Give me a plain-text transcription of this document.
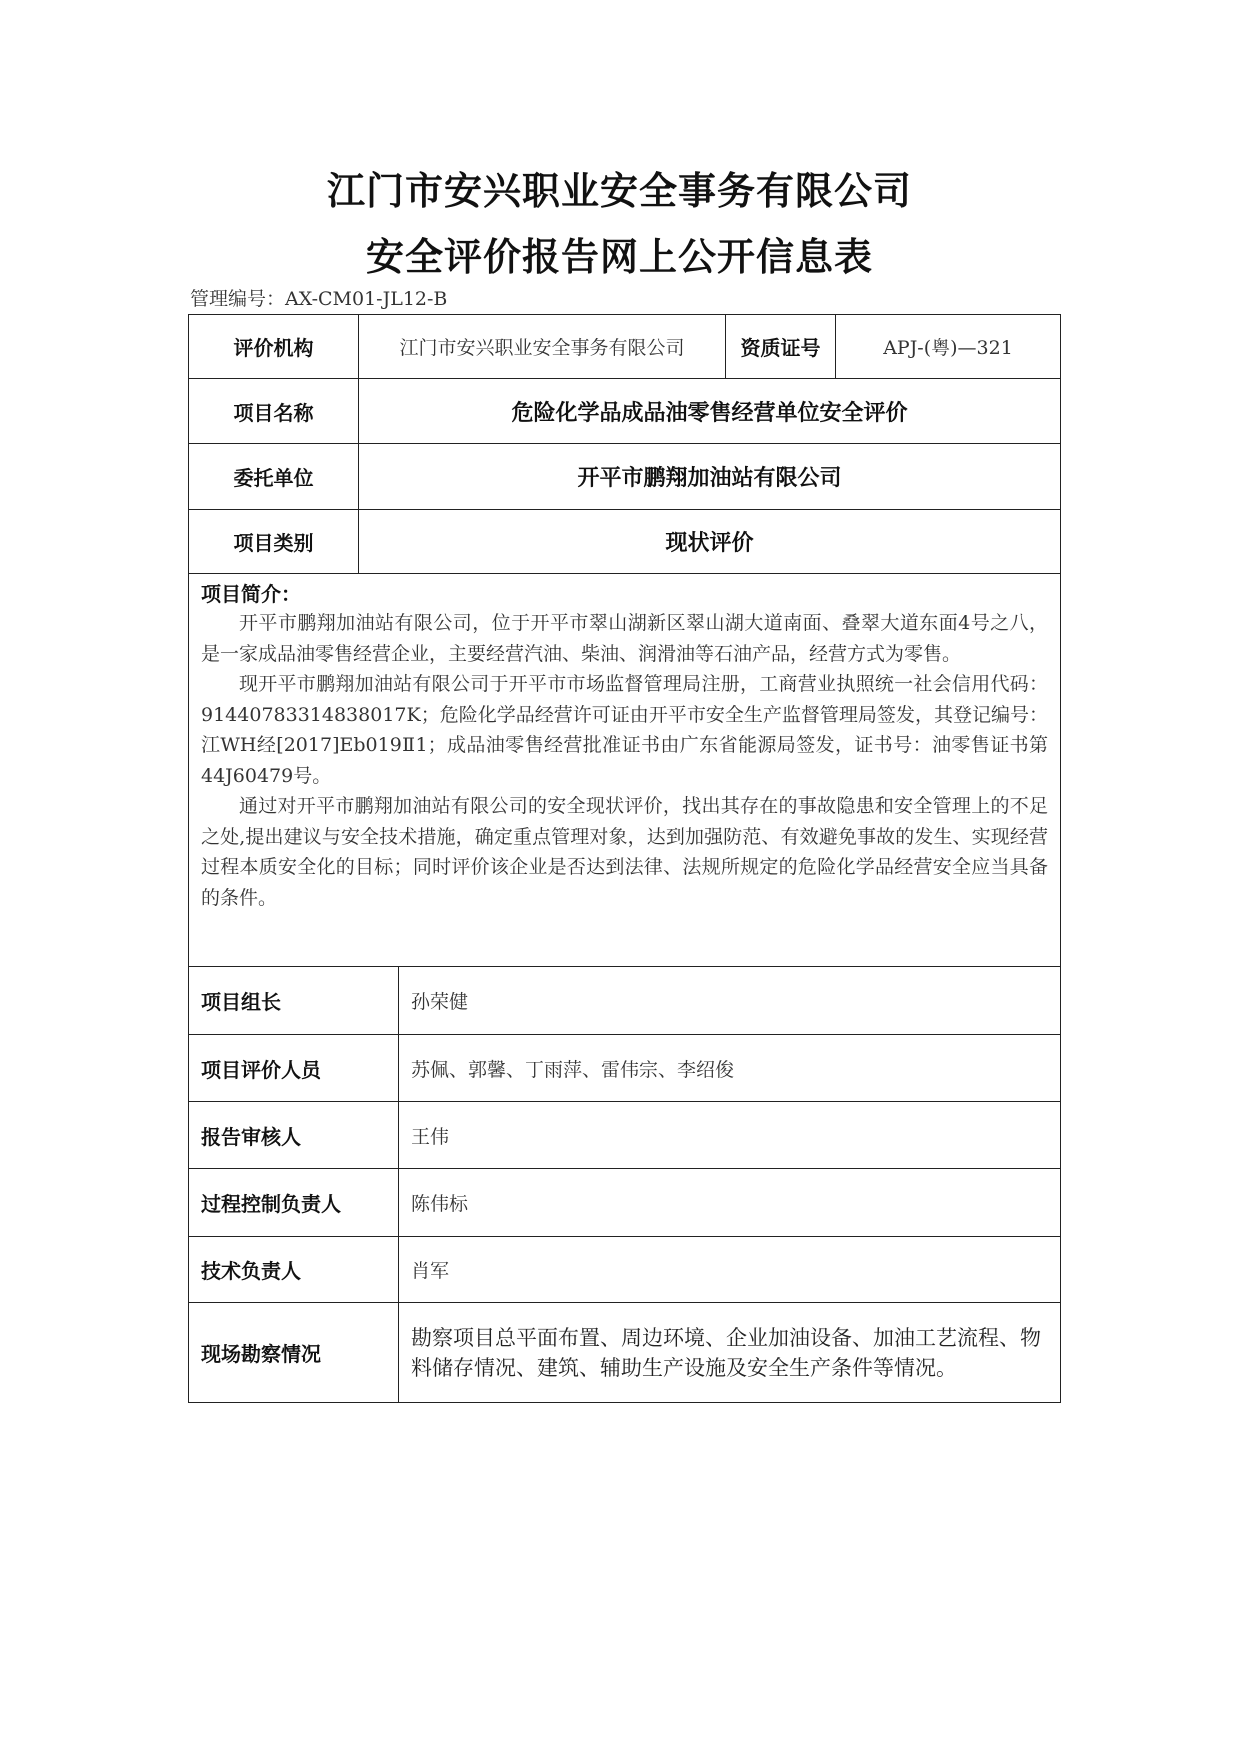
江门市安兴职业安全事务有限公司
安全评价报告网上公开信息表
管理编号：AX-CM01-JL12-B
评价机构	江门市安兴职业安全事务有限公司		资质证号	APJ-(粤)—321
项目名称	危险化学品成品油零售经营单位安全评价			
委托单位	开平市鹏翔加油站有限公司			
项目类别	现状评价			

项目简介：

开平市鹏翔加油站有限公司，位于开平市翠山湖新区翠山湖大道南面、叠翠大道东面4号之八，是一家成品油零售经营企业，主要经营汽油、柴油、润滑油等石油产品，经营方式为零售。

现开平市鹏翔加油站有限公司于开平市市场监督管理局注册，工商营业执照统一社会信用代码：91440783314838017K；危险化学品经营许可证由开平市安全生产监督管理局签发，其登记编号：江WH经[2017]Eb019Ⅱ1；成品油零售经营批准证书由广东省能源局签发，证书号：油零售证书第44J60479号。

通过对开平市鹏翔加油站有限公司的安全现状评价，找出其存在的事故隐患和安全管理上的不足之处,提出建议与安全技术措施，确定重点管理对象，达到加强防范、有效避免事故的发生、实现经营过程本质安全化的目标；同时评价该企业是否达到法律、法规所规定的危险化学品经营安全应当具备的条件。				

项目组长		孙荣健		
项目评价人员		苏佩、郭馨、丁雨萍、雷伟宗、李绍俊		
报告审核人		王伟		
过程控制负责人		陈伟标		
技术负责人		肖军		
现场勘察情况		勘察项目总平面布置、周边环境、企业加油设备、加油工艺流程、物料储存情况、建筑、辅助生产设施及安全生产条件等情况。		
